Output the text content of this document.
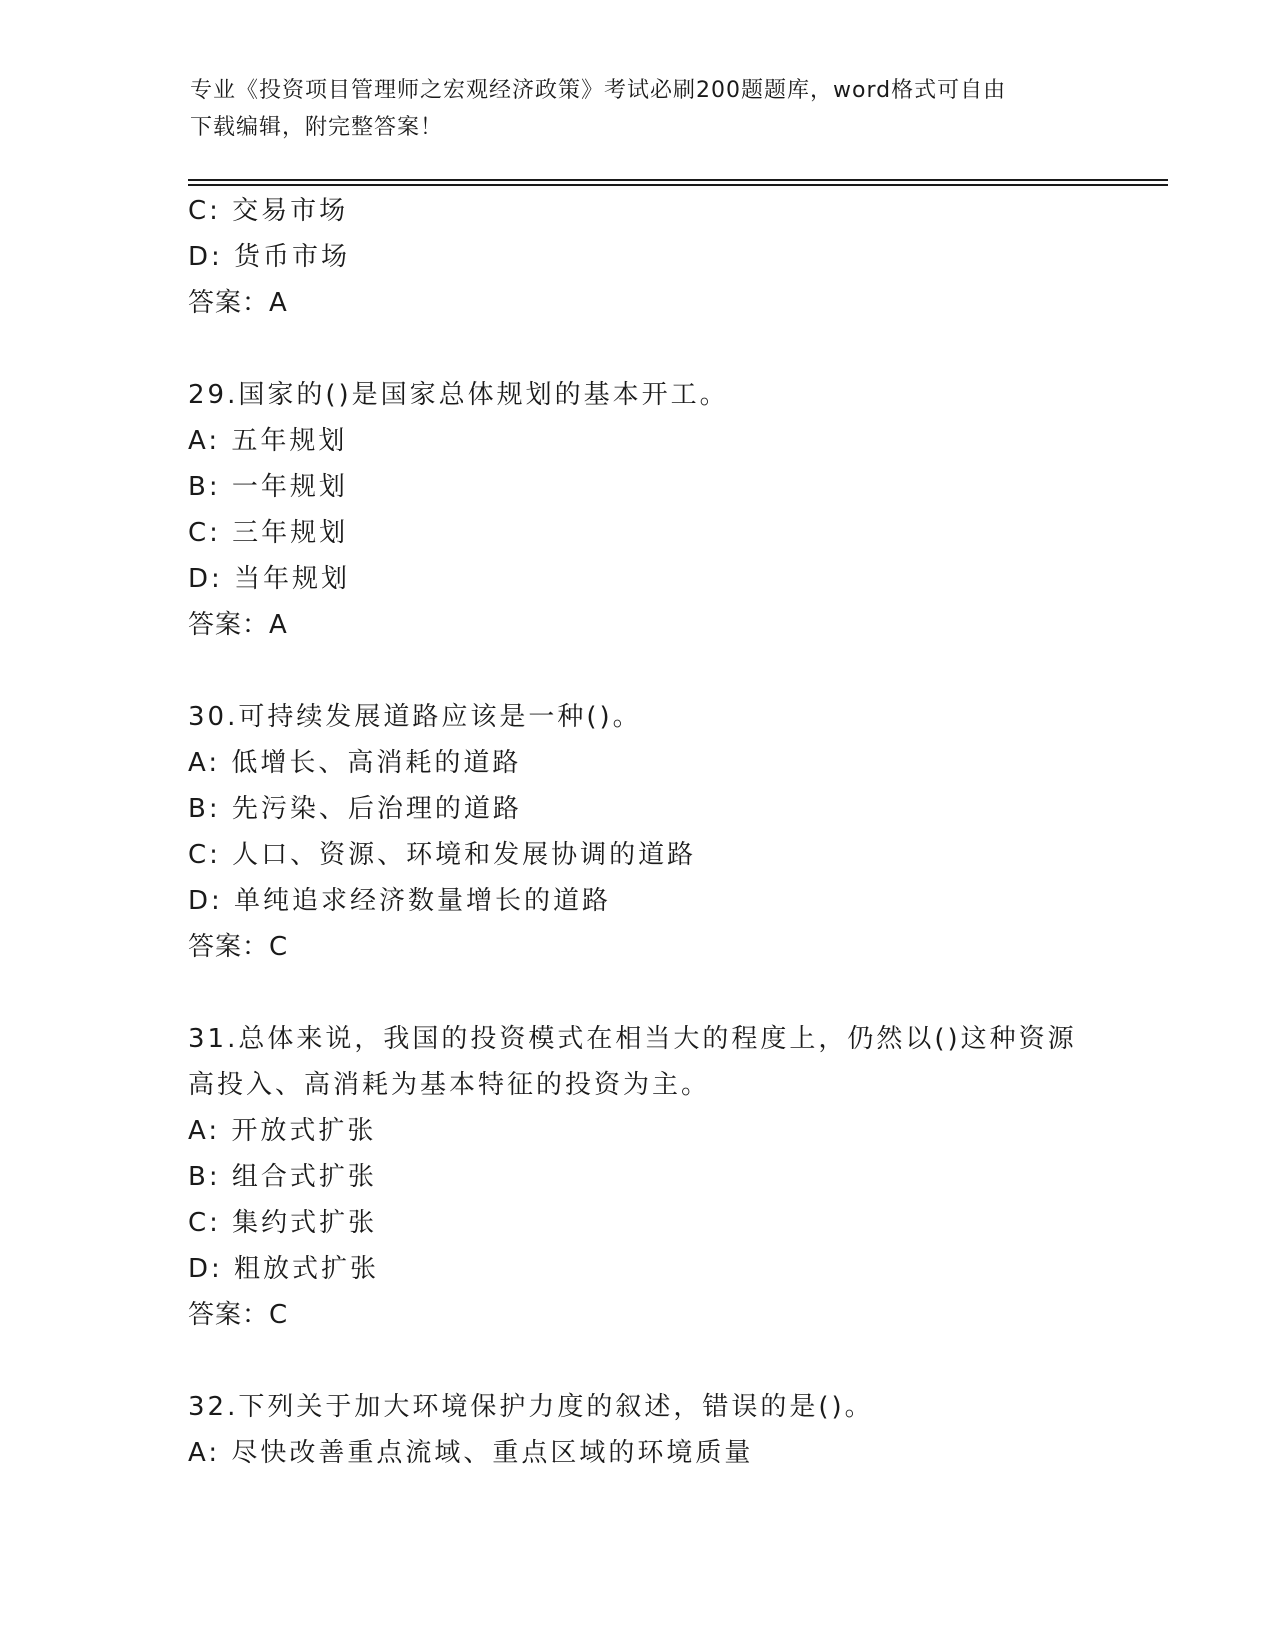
专业《投资项目管理师之宏观经济政策》考试必刷200题题库，word格式可自由
下载编辑，附完整答案！
C: 交易市场
D: 货币市场
答案：A
29.国家的()是国家总体规划的基本开工。
A: 五年规划
B: 一年规划
C: 三年规划
D: 当年规划
答案：A
30.可持续发展道路应该是一种()。
A: 低增长、高消耗的道路
B: 先污染、后治理的道路
C: 人口、资源、环境和发展协调的道路
D: 单纯追求经济数量增长的道路
答案：C
31.总体来说，我国的投资模式在相当大的程度上，仍然以()这种资源
高投入、高消耗为基本特征的投资为主。
A: 开放式扩张
B: 组合式扩张
C: 集约式扩张
D: 粗放式扩张
答案：C
32.下列关于加大环境保护力度的叙述，错误的是()。
A: 尽快改善重点流域、重点区域的环境质量
